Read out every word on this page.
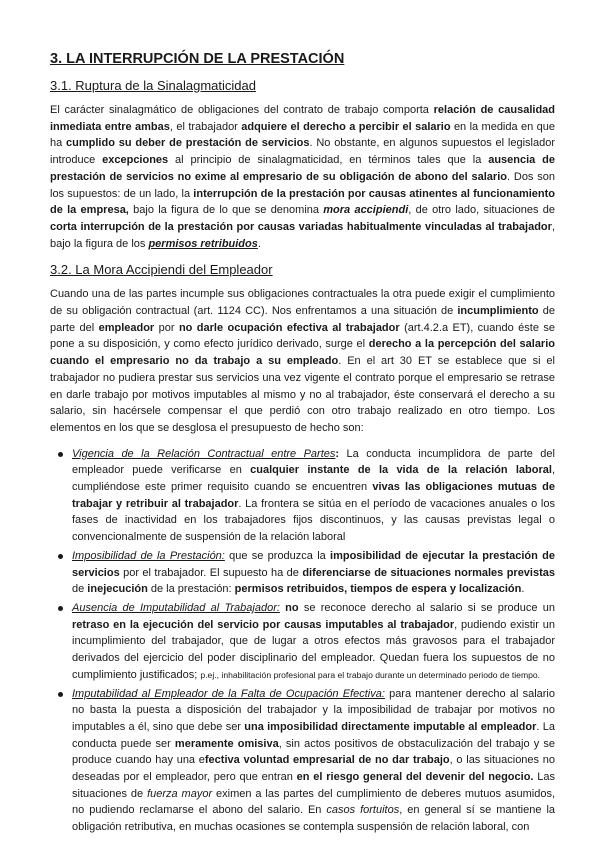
3. LA INTERRUPCIÓN DE LA PRESTACIÓN
3.1. Ruptura de la Sinalagmaticidad

El carácter sinalagmático de obligaciones del contrato de trabajo comporta relación de causalidad inmediata entre ambas, el trabajador adquiere el derecho a percibir el salario en la medida en que ha cumplido su deber de prestación de servicios. No obstante, en algunos supuestos el legislador introduce excepciones al principio de sinalagmaticidad, en términos tales que la ausencia de prestación de servicios no exime al empresario de su obligación de abono del salario. Dos son los supuestos: de un lado, la interrupción de la prestación por causas atinentes al funcionamiento de la empresa, bajo la figura de lo que se denomina mora accipiendi, de otro lado, situaciones de corta interrupción de la prestación por causas variadas habitualmente vinculadas al trabajador, bajo la figura de los permisos retribuidos.

3.2. La Mora Accipiendi del Empleador

Cuando una de las partes incumple sus obligaciones contractuales la otra puede exigir el cumplimiento de su obligación contractual (art. 1124 CC). Nos enfrentamos a una situación de incumplimiento de parte del empleador por no darle ocupación efectiva al trabajador (art.4.2.a ET), cuando éste se pone a su disposición, y como efecto jurídico derivado, surge el derecho a la percepción del salario cuando el empresario no da trabajo a su empleado. En el art 30 ET se establece que si el trabajador no pudiera prestar sus servicios una vez vigente el contrato porque el empresario se retrase en darle trabajo por motivos imputables al mismo y no al trabajador, éste conservará el derecho a su salario, sin hacérsele compensar el que perdió con otro trabajo realizado en otro tiempo. Los elementos en los que se desglosa el presupuesto de hecho son:

Vigencia de la Relación Contractual entre Partes: La conducta incumplidora de parte del empleador puede verificarse en cualquier instante de la vida de la relación laboral, cumpliéndose este primer requisito cuando se encuentren vivas las obligaciones mutuas de trabajar y retribuir al trabajador. La frontera se sitúa en el período de vacaciones anuales o los fases de inactividad en los trabajadores fijos discontinuos, y las causas previstas legal o convencionalmente de suspensión de la relación laboral
Imposibilidad de la Prestación: que se produzca la imposibilidad de ejecutar la prestación de servicios por el trabajador. El supuesto ha de diferenciarse de situaciones normales previstas de inejecución de la prestación: permisos retribuidos, tiempos de espera y localización.
Ausencia de Imputabilidad al Trabajador: no se reconoce derecho al salario si se produce un retraso en la ejecución del servicio por causas imputables al trabajador, pudiendo existir un incumplimiento del trabajador, que de lugar a otros efectos más gravosos para el trabajador derivados del ejercicio del poder disciplinario del empleador. Quedan fuera los supuestos de no cumplimiento justificados; p.ej., inhabilitación profesional para el trabajo durante un determinado periodo de tiempo.
Imputabilidad al Empleador de la Falta de Ocupación Efectiva: para mantener derecho al salario no basta la puesta a disposición del trabajador y la imposibilidad de trabajar por motivos no imputables a él, sino que debe ser una imposibilidad directamente imputable al empleador. La conducta puede ser meramente omisiva, sin actos positivos de obstaculización del trabajo y se produce cuando hay una efectiva voluntad empresarial de no dar trabajo, o las situaciones no deseadas por el empleador, pero que entran en el riesgo general del devenir del negocio. Las situaciones de fuerza mayor eximen a las partes del cumplimiento de deberes mutuos asumidos, no pudiendo reclamarse el abono del salario. En casos fortuitos, en general sí se mantiene la obligación retributiva, en muchas ocasiones se contempla suspensión de relación laboral, con
